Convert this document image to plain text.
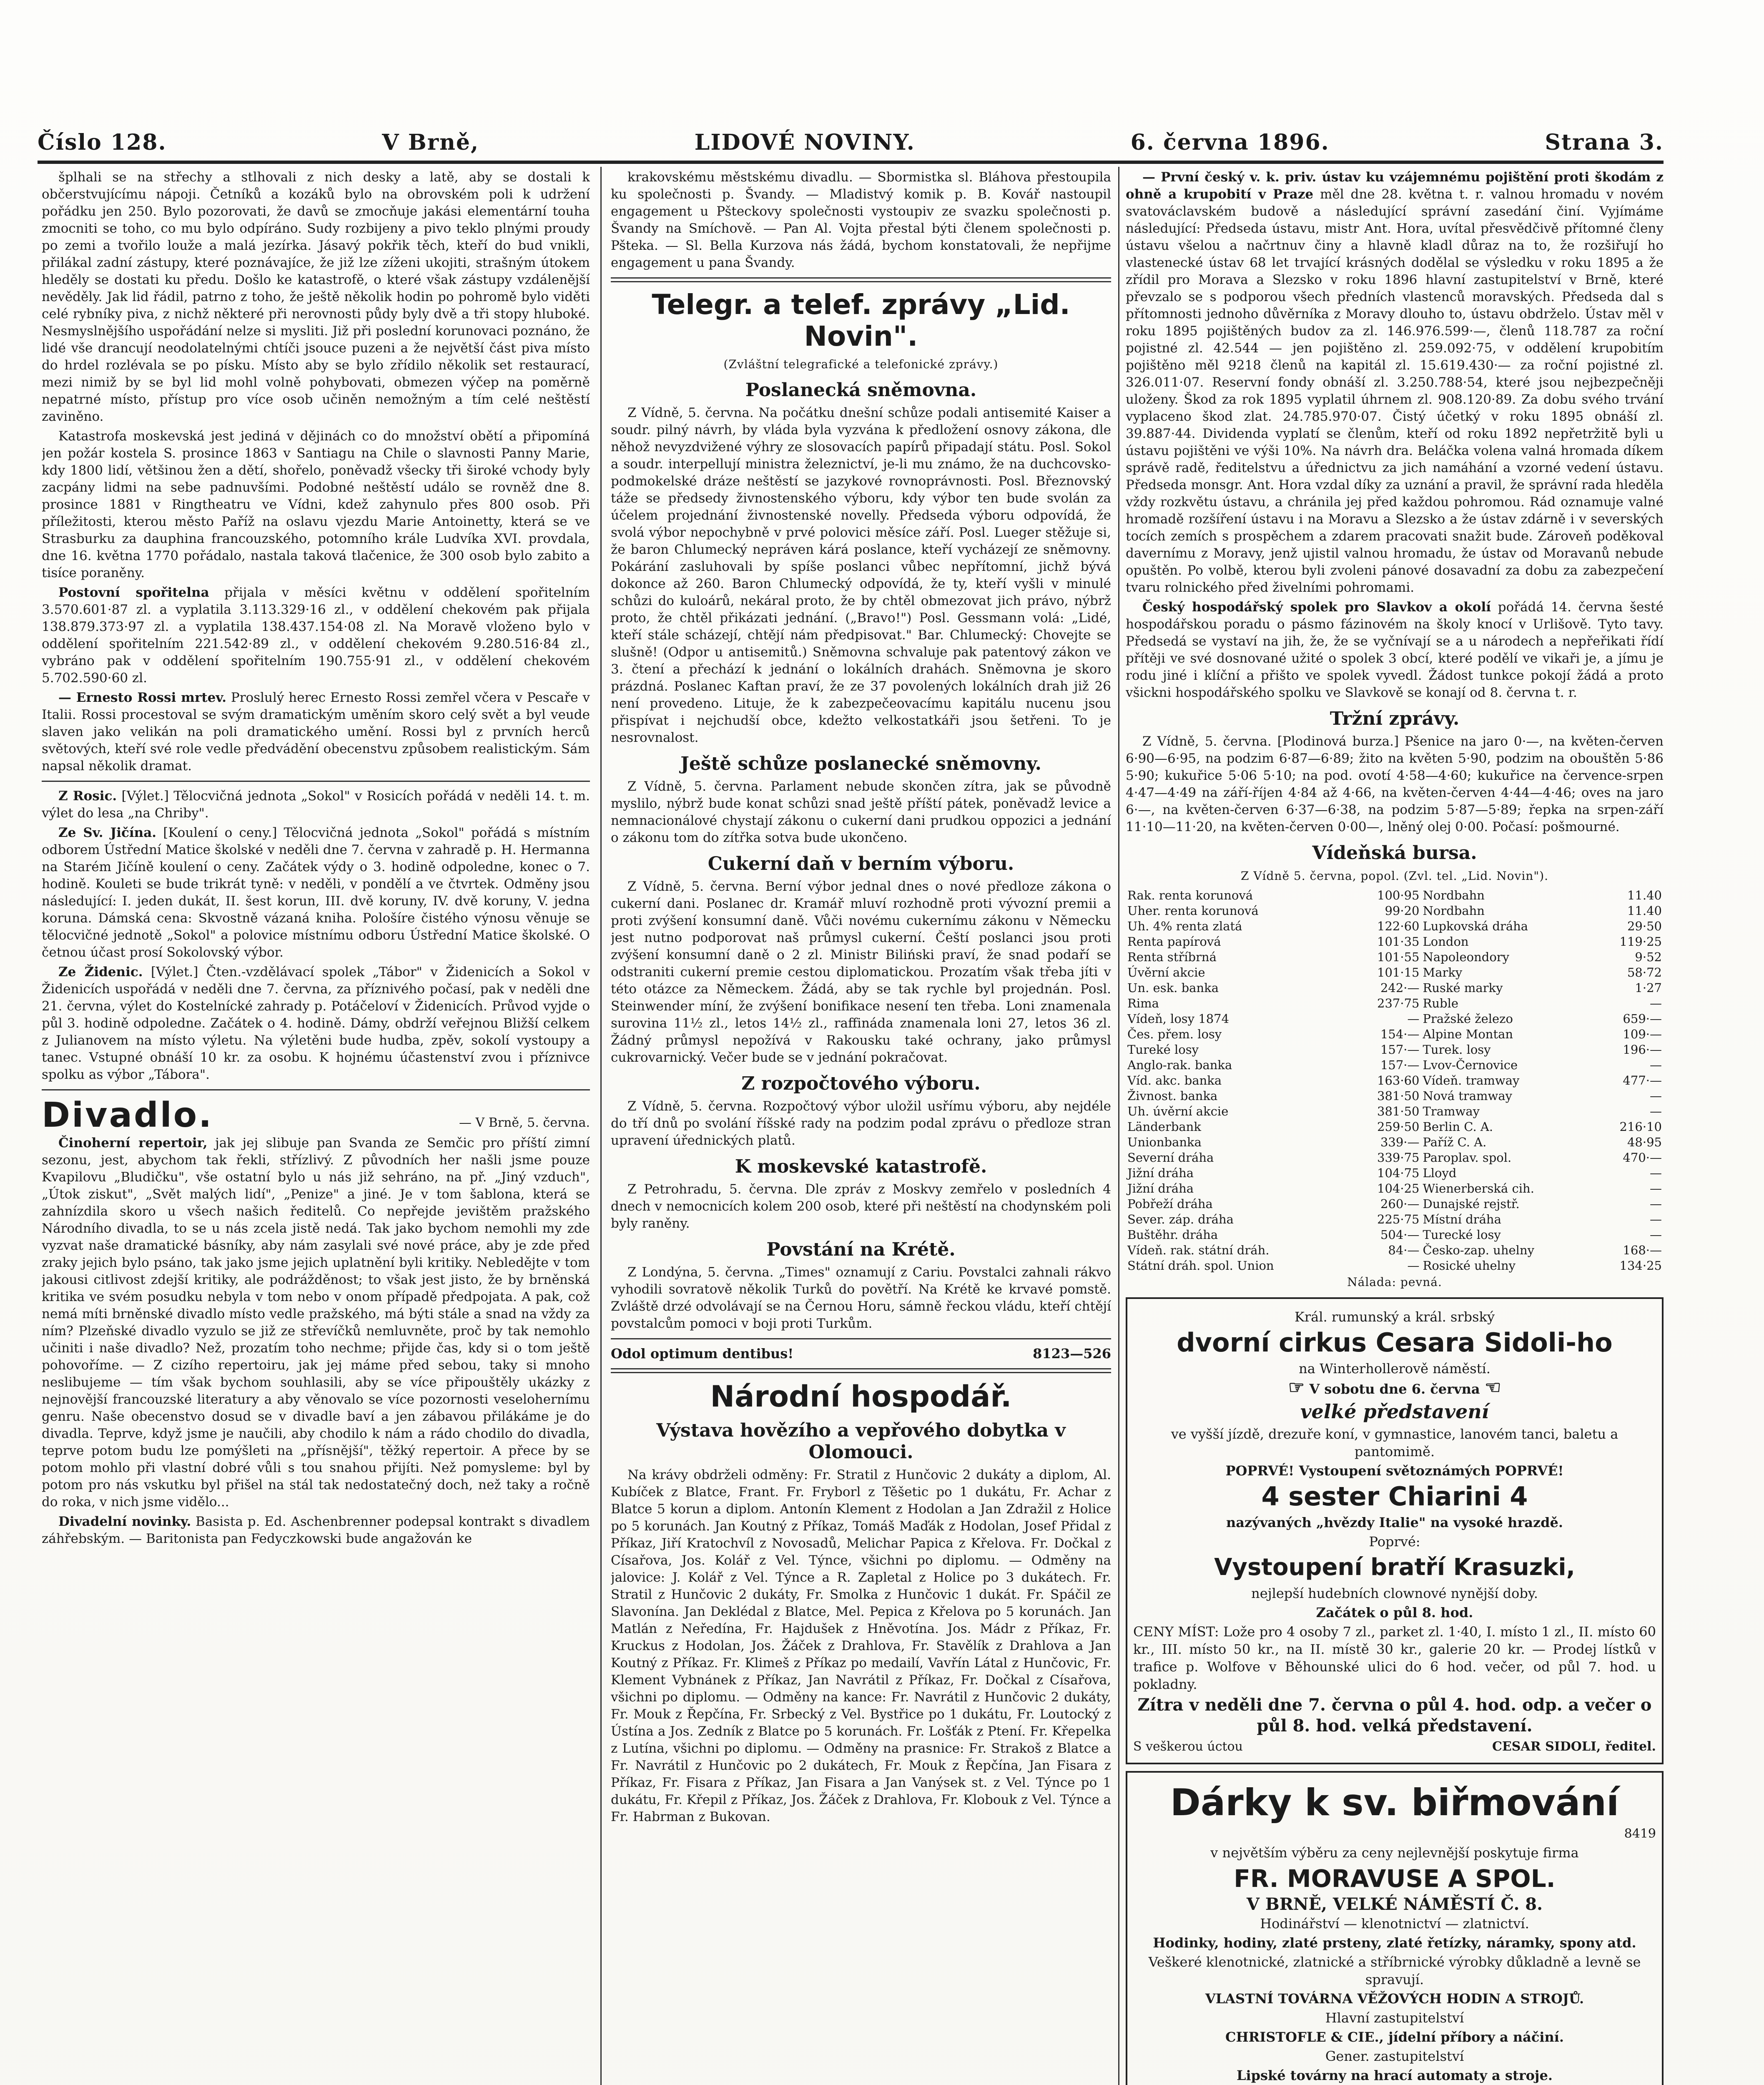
Číslo 128.	V Brně,	LIDOVÉ NOVINY.	6. června 1896.	Strana 3.

šplhali se na střechy a stlhovali z nich desky a latě, aby se dostali k občerstvujícímu nápoji. Četníků a kozáků bylo na obrovském poli k udržení pořádku jen 250. Bylo pozorovati, že davů se zmocňuje jakási elementární touha zmocniti se toho, co mu bylo odpíráno. Sudy rozbijeny a pivo teklo plnými proudy po zemi a tvořilo louže a malá jezírka. Jásavý pokřik těch, kteří do bud vnikli, přilákal zadní zástupy, které poznávajíce, že již lze zíženi ukojiti, strašným útokem hleděly se dostati ku předu. Došlo ke katastrofě, o které však zástupy vzdálenější nevěděly. Jak lid řádil, patrno z toho, že ještě několik hodin po pohromě bylo viděti celé rybníky piva, z nichž některé při nerovnosti půdy byly dvě a tři stopy hluboké. Nesmyslnějšího uspořádání nelze si mysliti. Již při poslední korunovaci poznáno, že lidé vše drancují neodolatelnými chtíči jsouce puzeni a že největší část piva místo do hrdel rozlévala se po písku. Místo aby se bylo zřídilo několik set restaurací, mezi nimiž by se byl lid mohl volně pohybovati, obmezen výčep na poměrně nepatrné místo, přístup pro více osob učiněn nemožným a tím celé neštěstí zaviněno.

Katastrofa moskevská jest jediná v dějinách co do množství obětí a připomíná jen požár kostela S. prosince 1863 v Santiagu na Chile o slavnosti Panny Marie, kdy 1800 lidí, většinou žen a dětí, shořelo, poněvadž všecky tři široké vchody byly zacpány lidmi na sebe padnuvšími. Podobné neštěstí událo se rovněž dne 8. prosince 1881 v Ringtheatru ve Vídni, kdež zahynulo přes 800 osob. Při příležitosti, kterou město Paříž na oslavu vjezdu Marie Antoinetty, která se ve Strasburku za dauphina francouzského, potomního krále Ludvíka XVI. provdala, dne 16. května 1770 pořádalo, nastala taková tlačenice, že 300 osob bylo zabito a tisíce poraněny.

Postovní spořitelna přijala v měsíci květnu v oddělení spořitelním 3.570.601·87 zl. a vyplatila 3.113.329·16 zl., v oddělení chekovém pak přijala 138.879.373·97 zl. a vyplatila 138.437.154·08 zl. Na Moravě vloženo bylo v oddělení spořitelním 221.542·89 zl., v oddělení chekovém 9.280.516·84 zl., vybráno pak v oddělení spořitelním 190.755·91 zl., v oddělení chekovém 5.702.590·60 zl.

— Ernesto Rossi mrtev. Proslulý herec Ernesto Rossi zemřel včera v Pescaře v Italii. Rossi procestoval se svým dramatickým uměním skoro celý svět a byl veude slaven jako velikán na poli dramatického umění. Rossi byl z prvních herců světových, kteří své role vedle předvádění obecenstvu způsobem realistickým. Sám napsal několik dramat.

Z Rosic. [Výlet.] Tělocvičná jednota „Sokol" v Rosicích pořádá v neděli 14. t. m. výlet do lesa „na Chriby".

Ze Sv. Jičína. [Koulení o ceny.] Tělocvičná jednota „Sokol" pořádá s místním odborem Ústřední Matice školské v neděli dne 7. června v zahradě p. H. Hermanna na Starém Jičíně koulení o ceny. Začátek výdy o 3. hodině odpoledne, konec o 7. hodině. Kouleti se bude trikrát tyně: v neděli, v pondělí a ve čtvrtek. Odměny jsou následující: I. jeden dukát, II. šest korun, III. dvě koruny, IV. dvě koruny, V. jedna koruna. Dámská cena: Skvostně vázaná kniha. Pološíre čistého výnosu věnuje se tělocvičné jednotě „Sokol" a polovice místnímu odboru Ústřední Matice školské. O četnou účast prosí Sokolovský výbor.

Ze Židenic. [Výlet.] Čten.-vzdělávací spolek „Tábor" v Židenicích a Sokol v Židenicích uspořádá v neděli dne 7. června, za příznivého počasí, pak v neděli dne 21. června, výlet do Kostelnícké zahrady p. Potáčeloví v Židenicích. Průvod vyjde o půl 3. hodině odpoledne. Začátek o 4. hodině. Dámy, obdrží veřejnou Bližší celkem z Julianovem na místo výletu. Na výletěni bude hudba, zpěv, sokolí vystoupy a tanec. Vstupné obnáší 10 kr. za osobu. K hojnému účastenství zvou i příznivce spolku as výbor „Tábora".

Divadlo.	— V Brně, 5. června.

Činoherní repertoir, jak jej slibuje pan Svanda ze Semčic pro příští zimní sezonu, jest, abychom tak řekli, střízlivý. Z původních her našli jsme pouze Kvapilovu „Bludičku", vše ostatní bylo u nás již sehráno, na př. „Jiný vzduch", „Útok ziskut", „Svět malých lidí", „Penize" a jiné. Je v tom šablona, která se zahnízdila skoro u všech našich ředitelů. Co nepřejde jevištěm pražského Národního divadla, to se u nás zcela jistě nedá. Tak jako bychom nemohli my zde vyzvat naše dramatické básníky, aby nám zasylali své nové práce, aby je zde před zraky jejich bylo psáno, tak jako jsme jejich uplatnění byli kritiky. Nebledějte v tom jakousi citlivost zdejší kritiky, ale podrážděnost; to však jest jisto, že by brněnská kritika ve svém posudku nebyla v tom nebo v onom případě předpojata. A pak, což nemá míti brněnské divadlo místo vedle pražského, má býti stále a snad na vždy za ním? Plzeňské divadlo vyzulo se již ze střevíčků nemluvněte, proč by tak nemohlo učiniti i naše divadlo? Než, prozatím toho nechme; přijde čas, kdy si o tom ještě pohovoříme. — Z cizího repertoiru, jak jej máme před sebou, taky si mnoho neslibujeme — tím však bychom souhlasili, aby se více připouštěly ukázky z nejnovější francouzské literatury a aby věnovalo se více pozornosti veselohernímu genru. Naše obecenstvo dosud se v divadle baví a jen zábavou přilákáme je do divadla. Teprve, když jsme je naučili, aby chodilo k nám a rádo chodilo do divadla, teprve potom budu lze pomýšleti na „přísnější", těžký repertoir. A přece by se potom mohlo při vlastní dobré vůli s tou snahou přijíti. Než pomysleme: byl by potom pro nás vskutku byl přišel na stál tak nedostatečný doch, než taky a ročně do roka, v nich jsme vidělo...

Divadelní novinky. Basista p. Ed. Aschenbrenner podepsal kontrakt s divadlem záhřebským. — Baritonista pan Fedyczkowski bude angažován ke

krakovskému městskému divadlu. — Sbormistka sl. Bláhova přestoupila ku společnosti p. Švandy. — Mladistvý komik p. B. Kovář nastoupil engagement u Pšteckovy společnosti vystoupiv ze svazku společnosti p. Švandy na Smíchově. — Pan Al. Vojta přestal býti členem společnosti p. Pšteka. — Sl. Bella Kurzova nás žádá, bychom konstatovali, že nepřijme engagement u pana Švandy.

Telegr. a telef. zprávy „Lid. Novin".
(Zvláštní telegrafické a telefonické zprávy.)
Poslanecká sněmovna.

Z Vídně, 5. června. Na počátku dnešní schůze podali antisemité Kaiser a soudr. pilný návrh, by vláda byla vyzvána k předložení osnovy zákona, dle něhož nevyzdvižené výhry ze slosovacích papírů připadají státu. Posl. Sokol a soudr. interpellují ministra železnictví, je-li mu známo, že na duchcovsko-podmokelské dráze neštěstí se jazykové rovnoprávnosti. Posl. Březnovský táže se předsedy živnostenského výboru, kdy výbor ten bude svolán za účelem projednání živnostenské novelly. Předseda výboru odpovídá, že svolá výbor nepochybně v prvé polovici měsíce září. Posl. Lueger stěžuje si, že baron Chlumecký nepráven kárá poslance, kteří vycházejí ze sněmovny. Pokárání zasluhovali by spíše poslanci vůbec nepřítomní, jichž bývá dokonce až 260. Baron Chlumecký odpovídá, že ty, kteří vyšli v minulé schůzi do kuloárů, nekáral proto, že by chtěl obmezovat jich právo, nýbrž proto, že chtěl přikázati jednání. („Bravo!") Posl. Gessmann volá: „Lidé, kteří stále scházejí, chtějí nám předpisovat." Bar. Chlumecký: Chovejte se slušně! (Odpor u antisemitů.) Sněmovna schvaluje pak patentový zákon ve 3. čtení a přechází k jednání o lokálních drahách. Sněmovna je skoro prázdná. Poslanec Kaftan praví, že ze 37 povolených lokálních drah již 26 není provedeno. Lituje, že k zabezpečeovacímu kapitálu nucenu jsou přispívat i nejchudší obce, kdežto velkostatkáři jsou šetřeni. To je nesrovnalost.

Ještě schůze poslanecké sněmovny.

Z Vídně, 5. června. Parlament nebude skončen zítra, jak se původně myslilo, nýbrž bude konat schůzi snad ještě příští pátek, poněvadž levice a nemnacionálové chystají zákonu o cukerní dani prudkou oppozici a jednání o zákonu tom do zítřka sotva bude ukončeno.

Cukerní daň v berním výboru.

Z Vídně, 5. června. Berní výbor jednal dnes o nové předloze zákona o cukerní dani. Poslanec dr. Kramář mluví rozhodně proti vývozní premii a proti zvýšení konsumní daně. Vůči novému cukernímu zákonu v Německu jest nutno podporovat naš průmysl cukerní. Čeští poslanci jsou proti zvýšení konsumní daně o 2 zl. Ministr Biliński praví, že snad podaří se odstraniti cukerní premie cestou diplomatickou. Prozatím však třeba jíti v této otázce za Německem. Žádá, aby se tak rychle byl projednán. Posl. Steinwender míní, že zvýšení bonifikace nesení ten třeba. Loni znamenala surovina 11½ zl., letos 14½ zl., raffináda znamenala loni 27, letos 36 zl. Žádný průmysl nepožívá v Rakousku také ochrany, jako průmysl cukrovarnický. Večer bude se v jednání pokračovat.

Z rozpočtového výboru.

Z Vídně, 5. června. Rozpočtový výbor uložil usřímu výboru, aby nejdéle do tří dnů po svolání říšské rady na podzim podal zprávu o předloze stran upravení úřednických platů.

K moskevské katastrofě.

Z Petrohradu, 5. června. Dle zpráv z Moskvy zemřelo v posledních 4 dnech v nemocnicích kolem 200 osob, které při neštěstí na chodynském poli byly raněny.

Povstání na Krétě.

Z Londýna, 5. června. „Times" oznamují z Cariu. Povstalci zahnali rákvo vyhodili sovratově několik Turků do povětří. Na Krétě ke krvavé pomstě. Zvláště drzé odvolávají se na Černou Horu, sámně řeckou vládu, kteří chtějí povstalcům pomoci v boji proti Turkům.

Odol optimum dentibus!	8123—526
Národní hospodář.
Výstava hovězího a vepřového dobytka v Olomouci.

Na krávy obdrželi odměny: Fr. Stratil z Hunčovic 2 dukáty a diplom, Al. Kubíček z Blatce, Frant. Fr. Fryborl z Těšetic po 1 dukátu, Fr. Achar z Blatce 5 korun a diplom. Antonín Klement z Hodolan a Jan Zdražil z Holice po 5 korunách. Jan Koutný z Příkaz, Tomáš Maďák z Hodolan, Josef Přidal z Příkaz, Jiří Kratochvíl z Novosadů, Melichar Papica z Křelova. Fr. Dočkal z Císařova, Jos. Kolář z Vel. Týnce, všichni po diplomu. — Odměny na jalovice: J. Kolář z Vel. Týnce a R. Zapletal z Holice po 3 dukátech. Fr. Stratil z Hunčovic 2 dukáty, Fr. Smolka z Hunčovic 1 dukát. Fr. Spáčil ze Slavonína. Jan Deklédal z Blatce, Mel. Pepica z Křelova po 5 korunách. Jan Matlán z Neředína, Fr. Hajdušek z Hněvotína. Jos. Mádr z Příkaz, Fr. Kruckus z Hodolan, Jos. Žáček z Drahlova, Fr. Stavělík z Drahlova a Jan Koutný z Příkaz. Fr. Klimeš z Příkaz po medailí, Vavřín Látal z Hunčovic, Fr. Klement Vybnánek z Příkaz, Jan Navrátil z Příkaz, Fr. Dočkal z Císařova, všichni po diplomu. — Odměny na kance: Fr. Navrátil z Hunčovic 2 dukáty, Fr. Mouk z Řepčína, Fr. Srbecký z Vel. Bystřice po 1 dukátu, Fr. Loutocký z Ústína a Jos. Zedník z Blatce po 5 korunách. Fr. Lošťák z Ptení. Fr. Křepelka z Lutína, všichni po diplomu. — Odměny na prasnice: Fr. Strakoš z Blatce a Fr. Navrátil z Hunčovic po 2 dukátech, Fr. Mouk z Řepčína, Jan Fisara z Příkaz, Fr. Fisara z Příkaz, Jan Fisara a Jan Vanýsek st. z Vel. Týnce po 1 dukátu, Fr. Křepil z Příkaz, Jos. Žáček z Drahlova, Fr. Klobouk z Vel. Týnce a Fr. Habrman z Bukovan.

— První český v. k. priv. ústav ku vzájemnému pojištění proti škodám z ohně a krupobití v Praze měl dne 28. května t. r. valnou hromadu v novém svatováclavském budově a následující správní zasedání činí. Vyjímáme následující: Předseda ústavu, mistr Ant. Hora, uvítal přesvědčivě přítomné členy ústavu všelou a načrtnuv činy a hlavně kladl důraz na to, že rozšiřují ho vlastenecké ústav 68 let trvající krásných dodělal se výsledku v roku 1895 a že zřídil pro Morava a Slezsko v roku 1896 hlavní zastupitelství v Brně, které převzalo se s podporou všech předních vlastenců moravských. Předseda dal s přítomnosti jednoho důvěrníka z Moravy dlouho to, ústavu obdrželo. Ústav měl v roku 1895 pojištěných budov za zl. 146.976.599·—, členů 118.787 za roční pojistné zl. 42.544 — jen pojištěno zl. 259.092·75, v oddělení krupobitím pojištěno měl 9218 členů na kapitál zl. 15.619.430·— za roční pojistné zl. 326.011·07. Reservní fondy obnáší zl. 3.250.788·54, které jsou nejbezpečněji uloženy. Škod za rok 1895 vyplatil úhrnem zl. 908.120·89. Za dobu svého trvání vyplaceno škod zlat. 24.785.970·07. Čistý účetký v roku 1895 obnáší zl. 39.887·44. Dividenda vyplatí se členům, kteří od roku 1892 nepřetržitě byli u ústavu pojištěni ve výši 10%. Na návrh dra. Beláčka volena valná hromada díkem správě radě, ředitelstvu a úřednictvu za jich namáhání a vzorné vedení ústavu. Předseda monsgr. Ant. Hora vzdal díky za uznání a pravil, že správní rada hleděla vždy rozkvětu ústavu, a chránila jej před každou pohromou. Rád oznamuje valné hromadě rozšíření ústavu i na Moravu a Slezsko a že ústav zdárně i v severských tocích zemích s prospěchem a zdarem pracovati snažit bude. Zároveň poděkoval davernímu z Moravy, jenž ujistil valnou hromadu, že ústav od Moravanů nebude opuštěn. Po volbě, kterou byli zvoleni pánové dosavadní za dobu za zabezpečení tvaru rolnického před živelními pohromami.

Český hospodářský spolek pro Slavkov a okolí pořádá 14. června šesté hospodářskou poradu o pásmo fázinovém na školy knocí v Urlišově. Tyto tavy. Předsedá se vystaví na jih, že, že se vyčnívají se a u národech a nepřeřikati řídí přítěji ve své dosnované užité o spolek 3 obcí, které podělí ve vikaři je, a jímu je rodu jiné i klíční a přišto ve spolek vyvedl. Žádost tunkce pokojí žádá a proto všickni hospodářského spolku ve Slavkově se konají od 8. června t. r.

Tržní zprávy.

Z Vídně, 5. června. [Plodinová burza.] Pšenice na jaro 0·—, na květen-červen 6·90—6·95, na podzim 6·87—6·89; žito na květen 5·90, podzim na obouštěn 5·86 5·90; kukuřice 5·06 5·10; na pod. ovotí 4·58—4·60; kukuřice na července-srpen 4·47—4·49 na září-říjen 4·84 až 4·66, na květen-červen 4·44—4·46; oves na jaro 6·—, na květen-červen 6·37—6·38, na podzim 5·87—5·89; řepka na srpen-září 11·10—11·20, na květen-červen 0·00—, lněný olej 0·00. Počasí: pošmourné.

Vídeňská bursa.
Z Vídně 5. června, popol. (Zvl. tel. „Lid. Novin").
Rak. renta korunová	100·95	Nordbahn	11.40
Uher. renta korunová	99·20	Nordbahn	11.40
Uh. 4% renta zlatá	122·60	Lupkovská dráha	29·50
Renta papírová	101·35	London	119·25
Renta stříbrná	101·55	Napoleondory	9·52
Úvěrní akcie	101·15	Marky	58·72
Un. esk. banka	242·—	Ruské marky	1·27
Rima	237·75	Ruble	—
Vídeň, losy 1874	—	Pražské železo	659·—
Čes. přem. losy	154·—	Alpine Montan	109·—
Tureké losy	157·—	Turek. losy	196·—
Anglo-rak. banka	157·—	Lvov-Černovice	—
Víd. akc. banka	163·60	Vídeň. tramway	477·—
Živnost. banka	381·50	Nová tramway	—
Uh. úvěrní akcie	381·50	Tramway	—
Länderbank	259·50	Berlin C. A.	216·10
Unionbanka	339·—	Paříž C. A.	48·95
Severní dráha	339·75	Paroplav. spol.	470·—
Jižní dráha	104·75	Lloyd	—
Jižní dráha	104·25	Wienerberská cih.	—
Pobřeží dráha	260·—	Dunajské rejstř.	—
Sever. záp. dráha	225·75	Místní dráha	—
Buštěhr. dráha	504·—	Turecké losy	—
Vídeň. rak. státní dráh.	84·—	Česko-zap. uhelny	168·—
Státní dráh. spol. Union	—	Rosické uhelny	134·25
Nálada: pevná.
Král. rumunský a král. srbský
dvorní cirkus Cesara Sidoli-ho
na Winterhollerově náměstí.
☞ V sobotu dne 6. června ☞
velké představení
ve vyšší jízdě, drezuře koní, v gymnastice, lanovém tanci, baletu a pantomimě.
POPRVÉ! Vystoupení světoznámých POPRVÉ!
4 sester Chiarini 4
nazývaných „hvězdy Italie" na vysoké hrazdě.
Poprvé:
Vystoupení bratří Krasuzki,
nejlepší hudebních clownové nynější doby.
Začátek o půl 8. hod.
CENY MÍST: Lože pro 4 osoby 7 zl., parket zl. 1·40, I. místo 1 zl., II. místo 60 kr., III. místo 50 kr., na II. místě 30 kr., galerie 20 kr. — Prodej lístků v trafice p. Wolfove v Běhounské ulici do 6 hod. večer, od půl 7. hod. u pokladny.
Zítra v neděli dne 7. června o půl 4. hod. odp. a večer o půl 8. hod. velká představení.
S veškerou úctou	CESAR SIDOLI, ředitel.
Dárky k sv. biřmování
8419
v největším výběru za ceny nejlevnější poskytuje firma
FR. MORAVUSE A SPOL.
V BRNĚ, VELKÉ NÁMĚSTÍ Č. 8.
Hodinářství — klenotnictví — zlatnictví.
Hodinky, hodiny, zlaté prsteny, zlaté řetízky, náramky, spony atd.
Veškeré klenotnické, zlatnické a stříbrnické výrobky důkladně a levně se spravují.
VLASTNÍ TOVÁRNA VĚŽOVÝCH HODIN A STROJŮ.
Hlavní zastupitelství
CHRISTOFLE & CIE., jídelní příbory a náčiní.
Gener. zastupitelství
Lipské továrny na hrací automaty a stroje.
